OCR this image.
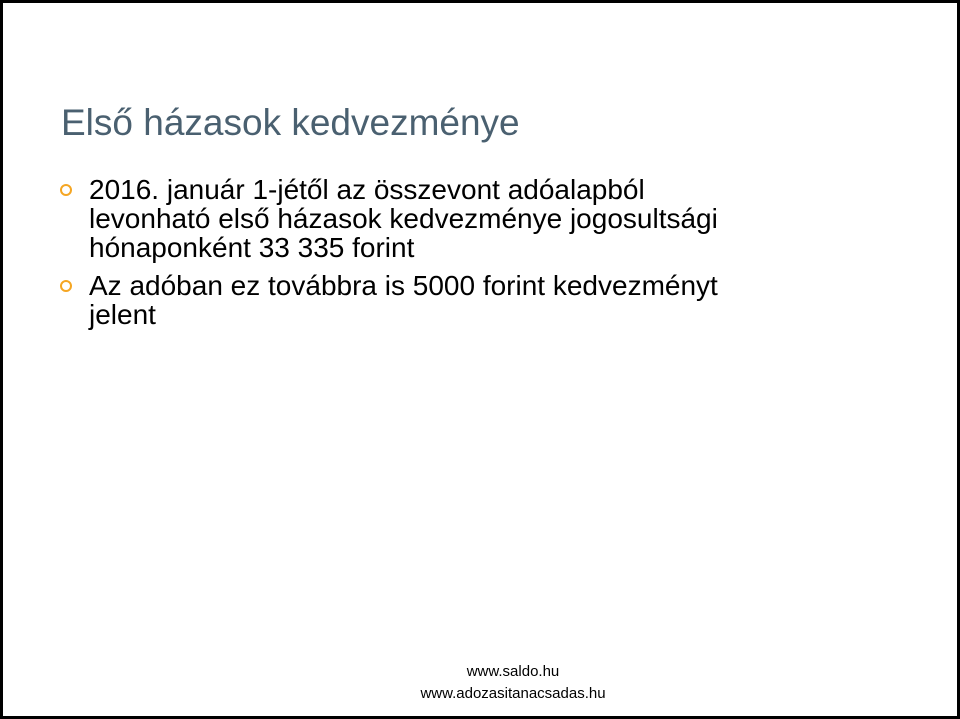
Első házasok kedvezménye
2016. január 1-jétől az összevont adóalapból
levonható első házasok kedvezménye jogosultsági
hónaponként 33 335 forint
Az adóban ez továbbra is 5000 forint kedvezményt
jelent
www.saldo.hu
www.adozasitanacsadas.hu
